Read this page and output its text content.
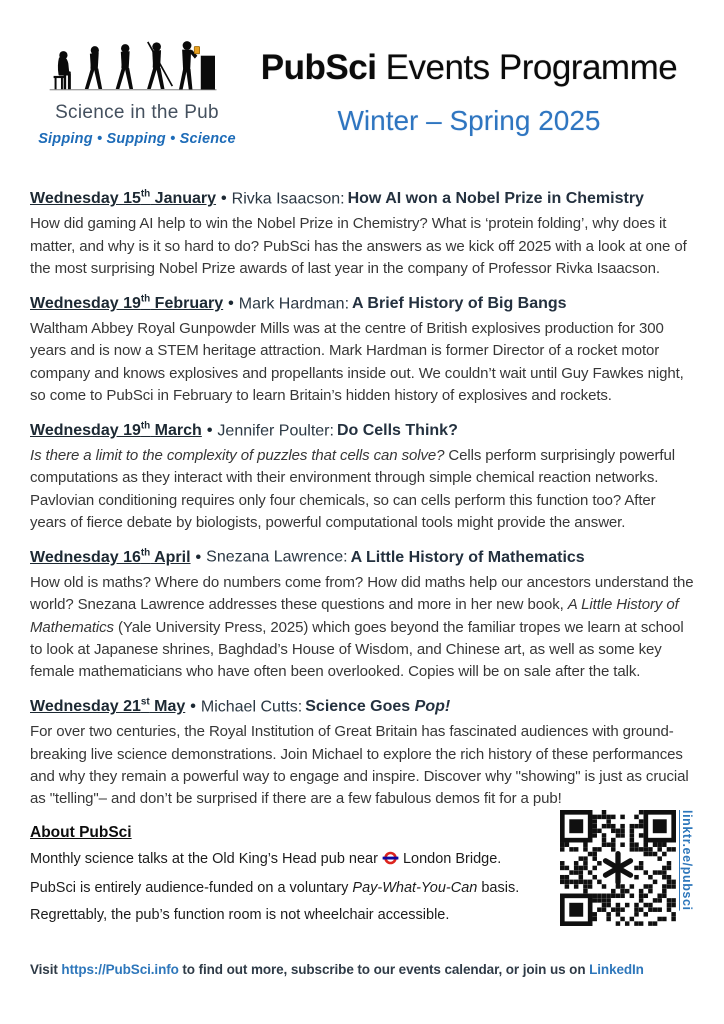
Science in the Pub
Sipping • Supping • Science
PubSci Events Programme
Winter – Spring 2025
Wednesday 15th January • Rivka Isaacson: How AI won a Nobel Prize in Chemistry

How did gaming AI help to win the Nobel Prize in Chemistry? What is ‘protein folding’, why does it matter, and why is it so hard to do? PubSci has the answers as we kick off 2025 with a look at one of the most surprising Nobel Prize awards of last year in the company of Professor Rivka Isaacson.

Wednesday 19th February • Mark Hardman: A Brief History of Big Bangs

Waltham Abbey Royal Gunpowder Mills was at the centre of British explosives production for 300 years and is now a STEM heritage attraction. Mark Hardman is former Director of a rocket motor company and knows explosives and propellants inside out. We couldn’t wait until Guy Fawkes night, so come to PubSci in February to learn Britain’s hidden history of explosives and rockets.

Wednesday 19th March • Jennifer Poulter: Do Cells Think?

Is there a limit to the complexity of puzzles that cells can solve? Cells perform surprisingly powerful computations as they interact with their environment through simple chemical reaction networks. Pavlovian conditioning requires only four chemicals, so can cells perform this function too? After years of fierce debate by biologists, powerful computational tools might provide the answer.

Wednesday 16th April • Snezana Lawrence: A Little History of Mathematics

How old is maths? Where do numbers come from? How did maths help our ancestors understand the world? Snezana Lawrence addresses these questions and more in her new book, A Little History of Mathematics (Yale University Press, 2025) which goes beyond the familiar tropes we learn at school to look at Japanese shrines, Baghdad’s House of Wisdom, and Chinese art, as well as some key female mathematicians who have often been overlooked. Copies will be on sale after the talk.

Wednesday 21st May • Michael Cutts: Science Goes Pop!

For over two centuries, the Royal Institution of Great Britain has fascinated audiences with ground-breaking live science demonstrations. Join Michael to explore the rich history of these performances and why they remain a powerful way to engage and inspire. Discover why "showing" is just as crucial as "telling"– and don’t be surprised if there are a few fabulous demos fit for a pub!

About PubSci

Monthly science talks at the Old King’s Head pub near London Bridge.

PubSci is entirely audience-funded on a voluntary Pay-What-You-Can basis.

Regrettably, the pub’s function room is not wheelchair accessible.

linktr.ee/pubsci
Visit https://PubSci.info to find out more, subscribe to our events calendar, or join us on LinkedIn
